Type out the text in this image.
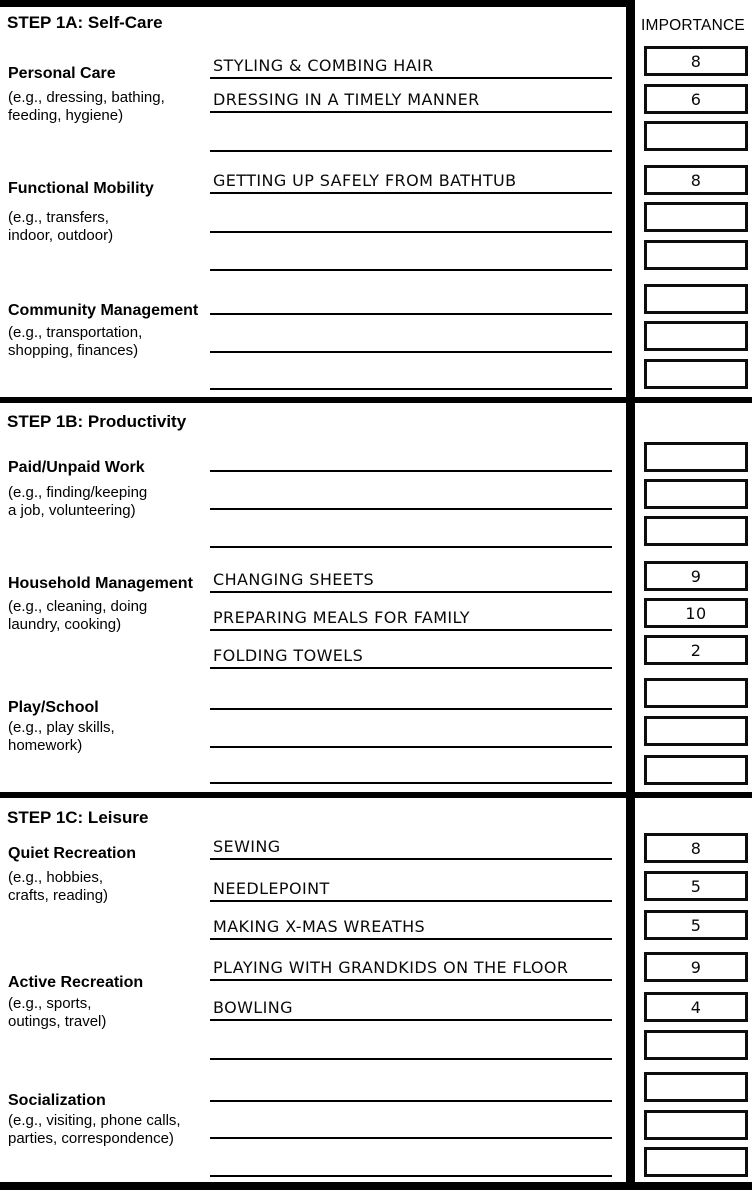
STEP 1A: Self-Care
STEP 1B: Productivity
STEP 1C: Leisure
IMPORTANCE
Personal Care
(e.g., dressing, bathing,
feeding, hygiene)
Functional Mobility
(e.g., transfers,
indoor, outdoor)
Community Management
(e.g., transportation,
shopping, finances)
STYLING & COMBING HAIR
DRESSING IN A TIMELY MANNER
GETTING UP SAFELY FROM BATHTUB
8
6
8
Paid/Unpaid Work
(e.g., finding/keeping
a job, volunteering)
Household Management
(e.g., cleaning, doing
laundry, cooking)
Play/School
(e.g., play skills,
homework)
CHANGING SHEETS
PREPARING MEALS FOR FAMILY
FOLDING TOWELS
9
10
2
Quiet Recreation
(e.g., hobbies,
crafts, reading)
Active Recreation
(e.g., sports,
outings, travel)
Socialization
(e.g., visiting, phone calls,
parties, correspondence)
SEWING
NEEDLEPOINT
MAKING X-MAS WREATHS
PLAYING WITH GRANDKIDS ON THE FLOOR
BOWLING
8
5
5
9
4
